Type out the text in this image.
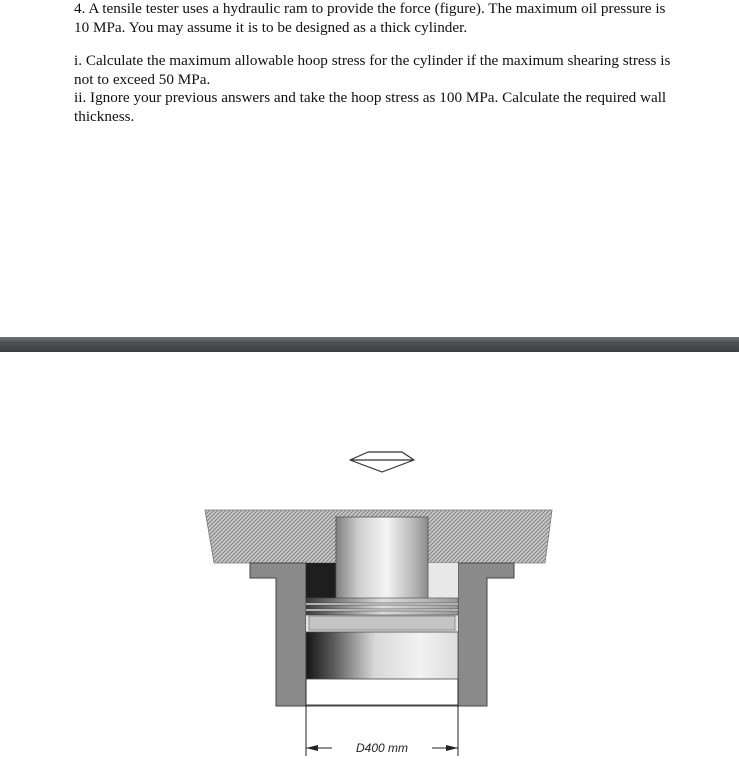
4. A tensile tester uses a hydraulic ram to provide the force (figure). The maximum oil pressure is 10 MPa. You may assume it is to be designed as a thick cylinder.

i. Calculate the maximum allowable hoop stress for the cylinder if the maximum shearing stress is not to exceed 50 MPa.

ii. Ignore your previous answers and take the hoop stress as 100 MPa. Calculate the required wall thickness.

D400 mm
